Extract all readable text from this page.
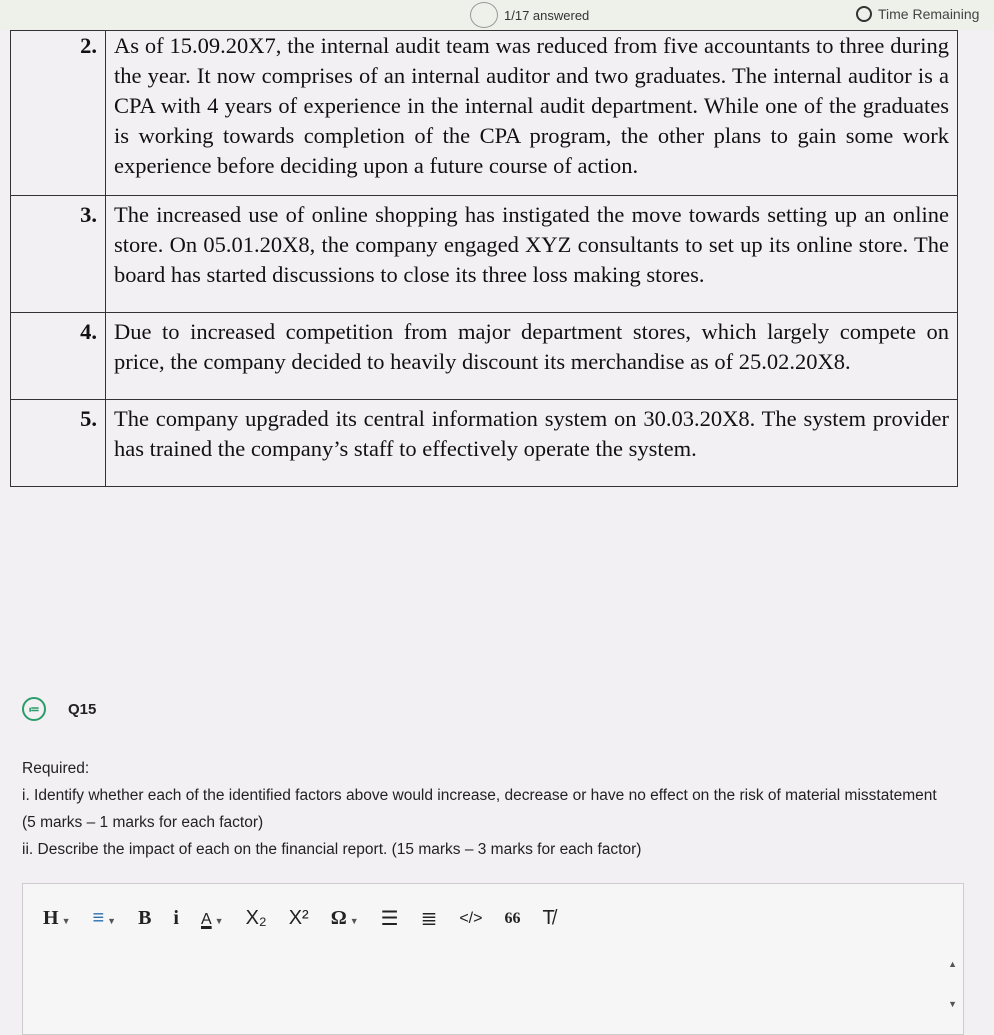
1/17 answered	Time Remaining
2.	As of 15.09.20X7, the internal audit team was reduced from five accountants to three during the year. It now comprises of an internal auditor and two graduates. The internal auditor is a CPA with 4 years of experience in the internal audit department. While one of the graduates is working towards completion of the CPA program, the other plans to gain some work experience before deciding upon a future course of action.
3.	The increased use of online shopping has instigated the move towards setting up an online store. On 05.01.20X8, the company engaged XYZ consultants to set up its online store. The board has started discussions to close its three loss making stores.
4.	Due to increased competition from major department stores, which largely compete on price, the company decided to heavily discount its merchandise as of 25.02.20X8.
5.	The company upgraded its central information system on 30.03.20X8. The system provider has trained the company’s staff to effectively operate the system.
≔	Q15
Required:
i. Identify whether each of the identified factors above would increase, decrease or have no effect on the risk of material misstatement (5 marks – 1 marks for each factor)
ii. Describe the impact of each on the financial report. (15 marks – 3 marks for each factor)
H ▼ ≡ ▼ B i A ▼ X₂ X² Ω ▼ ☰ ≣ </> 66 T̸
▲
▼
